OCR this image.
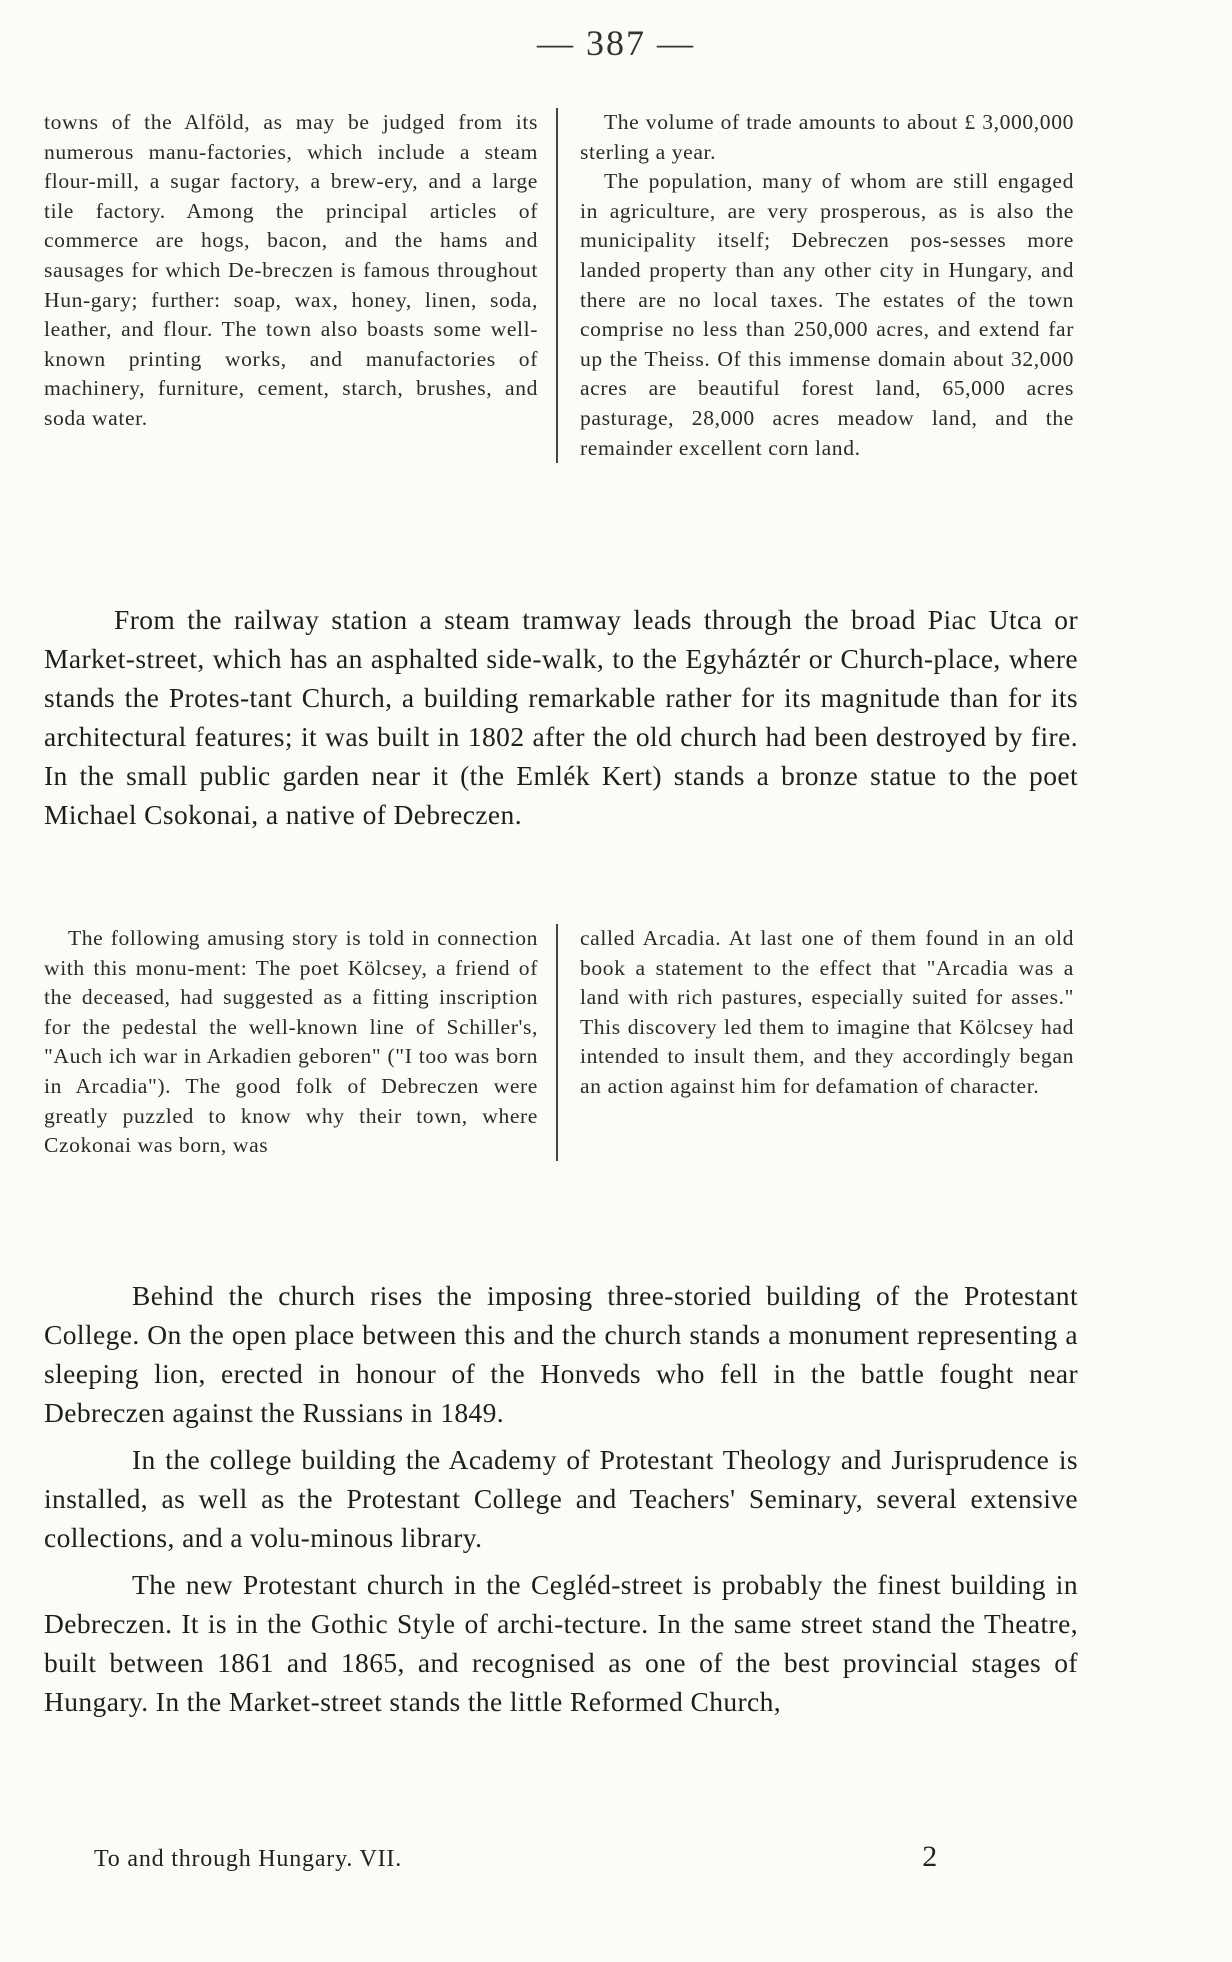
— 387 —

towns of the Alföld, as may be judged from its numerous manu-factories, which include a steam flour-mill, a sugar factory, a brew-ery, and a large tile factory. Among the principal articles of commerce are hogs, bacon, and the hams and sausages for which De-breczen is famous throughout Hun-gary; further: soap, wax, honey, linen, soda, leather, and flour. The town also boasts some well-known printing works, and manufactories of machinery, furniture, cement, starch, brushes, and soda water.

The volume of trade amounts to about £ 3,000,000 sterling a year.

The population, many of whom are still engaged in agriculture, are very prosperous, as is also the municipality itself; Debreczen pos-sesses more landed property than any other city in Hungary, and there are no local taxes. The estates of the town comprise no less than 250,000 acres, and extend far up the Theiss. Of this immense domain about 32,000 acres are beautiful forest land, 65,000 acres pasturage, 28,000 acres meadow land, and the remainder excellent corn land.

From the railway station a steam tramway leads through the broad Piac Utca or Market-street, which has an asphalted side-walk, to the Egyháztér or Church-place, where stands the Protes-tant Church, a building remarkable rather for its magnitude than for its architectural features; it was built in 1802 after the old church had been destroyed by fire. In the small public garden near it (the Emlék Kert) stands a bronze statue to the poet Michael Csokonai, a native of Debreczen.

The following amusing story is told in connection with this monu-ment: The poet Kölcsey, a friend of the deceased, had suggested as a fitting inscription for the pedestal the well-known line of Schiller's, "Auch ich war in Arkadien geboren" ("I too was born in Arcadia"). The good folk of Debreczen were greatly puzzled to know why their town, where Czokonai was born, was

called Arcadia. At last one of them found in an old book a statement to the effect that "Arcadia was a land with rich pastures, especially suited for asses." This discovery led them to imagine that Kölcsey had intended to insult them, and they accordingly began an action against him for defamation of character.

Behind the church rises the imposing three-storied building of the Protestant College. On the open place between this and the church stands a monument representing a sleeping lion, erected in honour of the Honveds who fell in the battle fought near Debreczen against the Russians in 1849.

In the college building the Academy of Protestant Theology and Jurisprudence is installed, as well as the Protestant College and Teachers' Seminary, several extensive collections, and a volu-minous library.

The new Protestant church in the Cegléd-street is probably the finest building in Debreczen. It is in the Gothic Style of archi-tecture. In the same street stand the Theatre, built between 1861 and 1865, and recognised as one of the best provincial stages of Hungary. In the Market-street stands the little Reformed Church,

To and through Hungary. VII.	2
